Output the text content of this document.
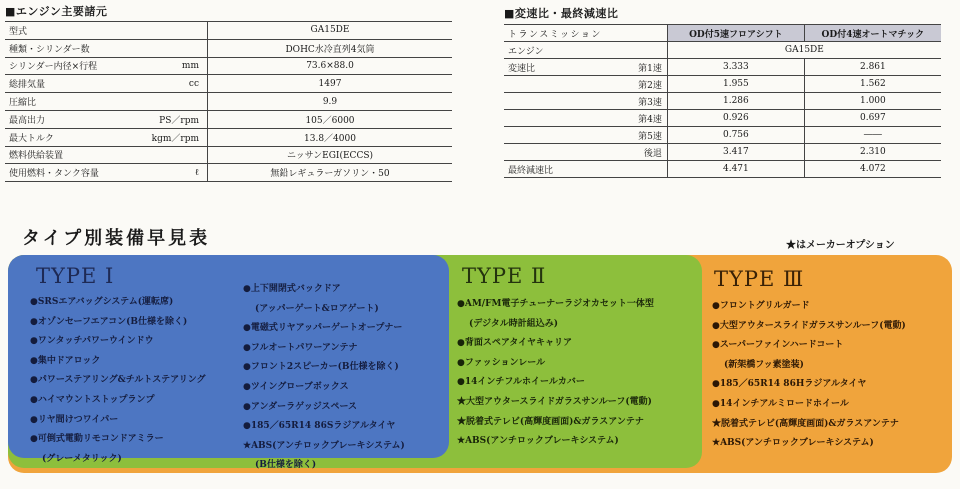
■エンジン主要諸元
型式		GA15DE
種類・シリンダー数		DOHC水冷直列4気筒
シリンダー内径×行程	mm	73.6×88.0
総排気量	cc	1497
圧縮比		9.9
最高出力	PS／rpm	105／6000
最大トルク	kgm／rpm	13.8／4000
燃料供給装置		ニッサンEGI(ECCS)
使用燃料・タンク容量	ℓ	無鉛レギュラーガソリン・50
■変速比・最終減速比
トランスミッション		OD付5速フロアシフト	OD付4速オートマチック
エンジン		GA15DE	
変速比	第1速	3.333	2.861
	第2速	1.955	1.562
	第3速	1.286	1.000
	第4速	0.926	0.697
	第5速	0.756	――
	後退	3.417	2.310
最終減速比		4.471	4.072
タイプ別装備早見表	★はメーカーオプション
TYPE Ⅰ	TYPE Ⅱ	TYPE Ⅲ
●SRSエアバッグシステム(運転席)
●オゾンセーフエアコン(B仕様を除く)
●ワンタッチパワーウインドウ
●集中ドアロック
●パワーステアリング&チルトステアリング
●ハイマウントストップランプ
●リヤ間けつワイパー
●可倒式電動リモコンドアミラー
(グレーメタリック)
●上下開閉式バックドア
(アッパーゲート&ロアゲート)
●電磁式リヤアッパーゲートオープナー
●フルオートパワーアンテナ
●フロント2スピーカー(B仕様を除く)
●ツイングローブボックス
●アンダーラゲッジスペース
●185／65R14 86Sラジアルタイヤ
★ABS(アンチロックブレーキシステム)
(B仕様を除く)
●AM/FM電子チューナーラジオカセット一体型
(デジタル時計組込み)
●背面スペアタイヤキャリア
●ファッションレール
●14インチフルホイールカバー
★大型アウタースライドガラスサンルーフ(電動)
★脱着式テレビ(高輝度画面)&ガラスアンテナ
★ABS(アンチロックブレーキシステム)
●フロントグリルガード
●大型アウタースライドガラスサンルーフ(電動)
●スーパーファインハードコート
(新架橋フッ素塗装)
●185／65R14 86Hラジアルタイヤ
●14インチアルミロードホイール
★脱着式テレビ(高輝度画面)&ガラスアンテナ
★ABS(アンチロックブレーキシステム)
